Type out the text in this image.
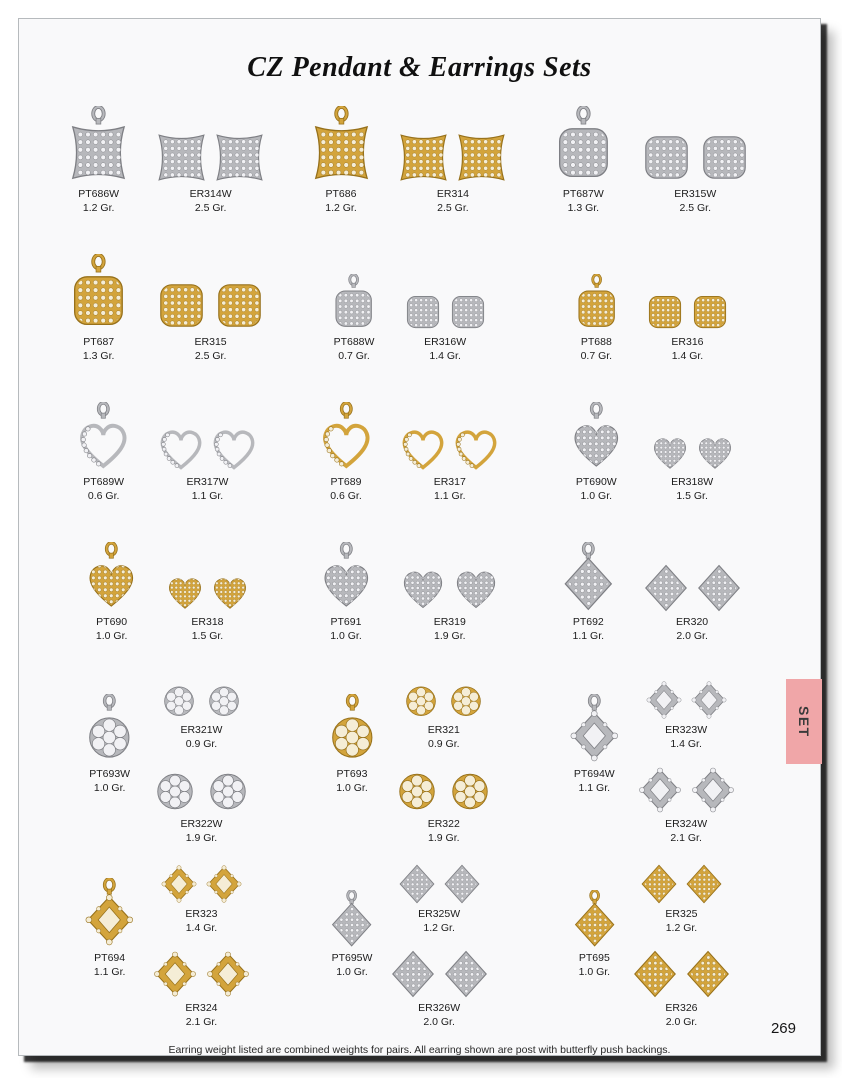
CZ Pendant & Earrings Sets
PT686W
1.2 Gr.
ER314W
2.5 Gr.
PT686
1.2 Gr.
ER314
2.5 Gr.
PT687W
1.3 Gr.
ER315W
2.5 Gr.
PT687
1.3 Gr.
ER315
2.5 Gr.
PT688W
0.7 Gr.
ER316W
1.4 Gr.
PT688
0.7 Gr.
ER316
1.4 Gr.
PT689W
0.6 Gr.
ER317W
1.1 Gr.
PT689
0.6 Gr.
ER317
1.1 Gr.
PT690W
1.0 Gr.
ER318W
1.5 Gr.
PT690
1.0 Gr.
ER318
1.5 Gr.
PT691
1.0 Gr.
ER319
1.9 Gr.
PT692
1.1 Gr.
ER320
2.0 Gr.
PT693W
1.0 Gr.
ER321W
0.9 Gr.
ER322W
1.9 Gr.
PT693
1.0 Gr.
ER321
0.9 Gr.
ER322
1.9 Gr.
PT694W
1.1 Gr.
ER323W
1.4 Gr.
ER324W
2.1 Gr.
PT694
1.1 Gr.
ER323
1.4 Gr.
ER324
2.1 Gr.
PT695W
1.0 Gr.
ER325W
1.2 Gr.
ER326W
2.0 Gr.
PT695
1.0 Gr.
ER325
1.2 Gr.
ER326
2.0 Gr.
Earring weight listed are combined weights for pairs. All earring shown are post with butterfly push backings.
SET
269
